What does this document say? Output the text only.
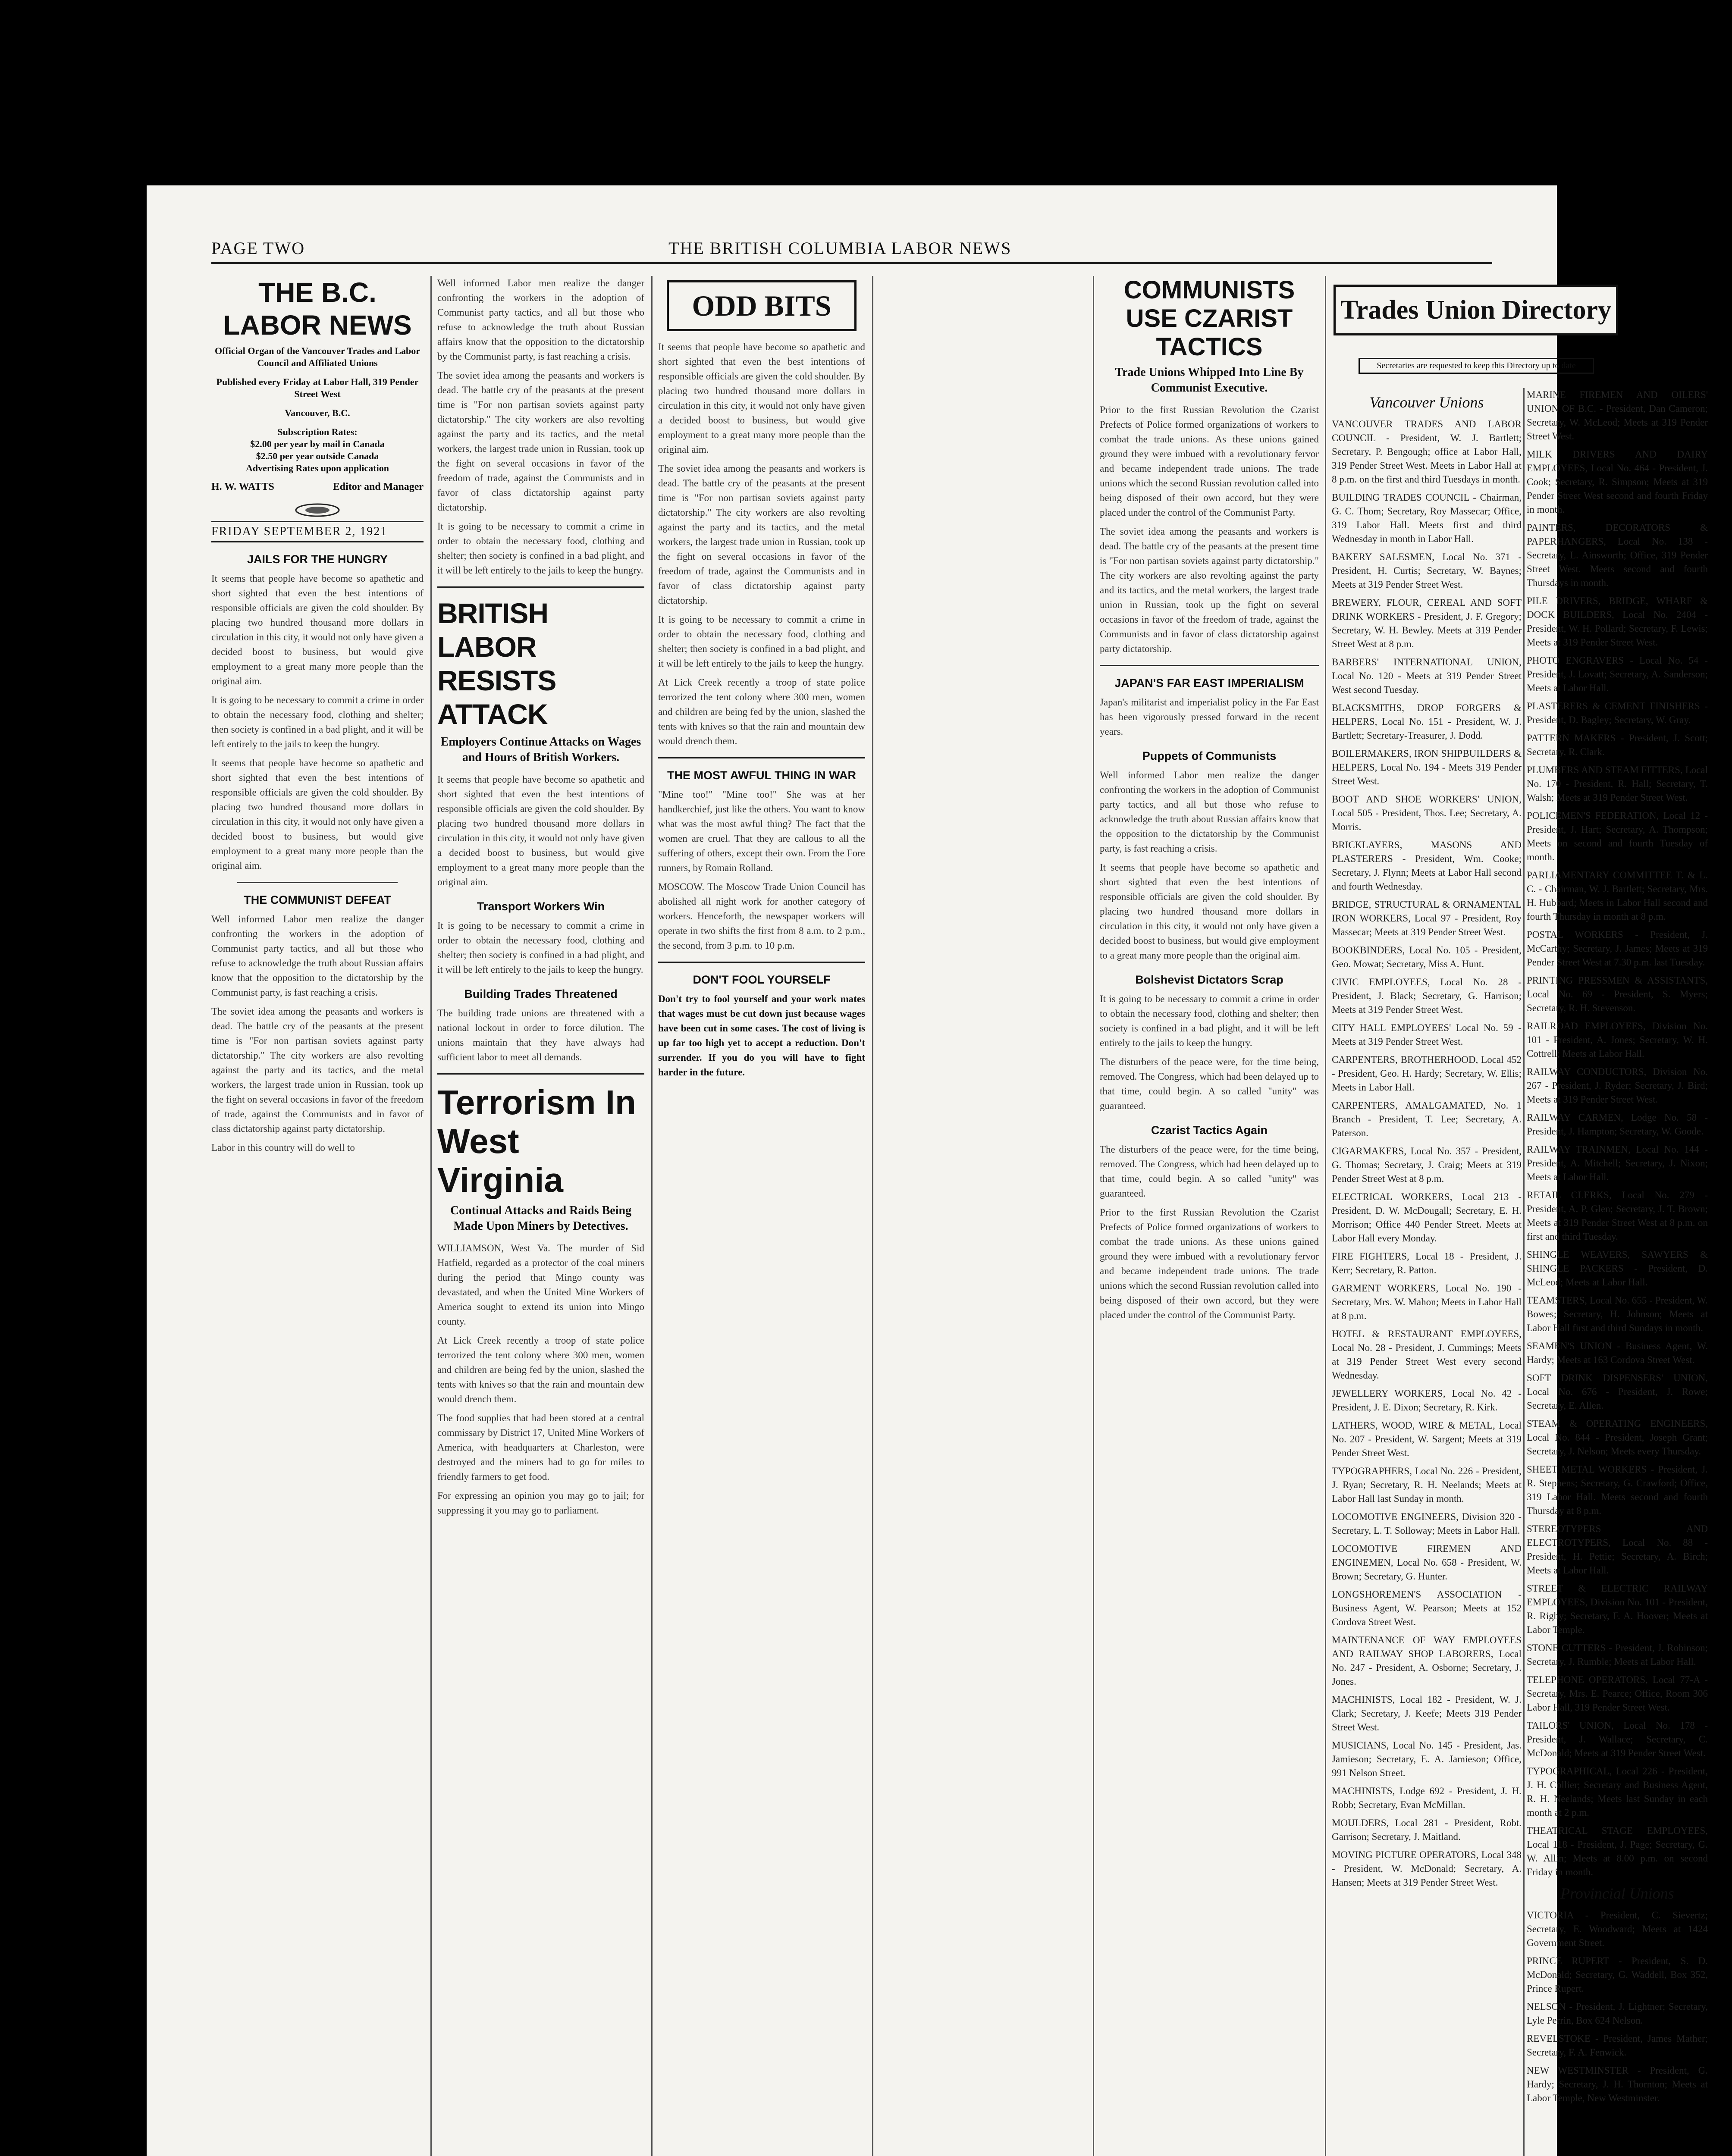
PAGE TWO	THE BRITISH COLUMBIA LABOR NEWS
THE B.C. LABOR NEWS

Official Organ of the Vancouver Trades and Labor Council and Affiliated Unions

Published every Friday at Labor Hall, 319 Pender Street West

Vancouver, B.C.

Subscription Rates:

$2.00 per year by mail in Canada

$2.50 per year outside Canada

Advertising Rates upon application

H. W. WATTS	Editor and Manager
FRIDAY SEPTEMBER 2, 1921
JAILS FOR THE HUNGRY

It seems that people have become so apathetic and short sighted that even the best intentions of responsible officials are given the cold shoulder. By placing two hundred thousand more dollars in circulation in this city, it would not only have given a decided boost to business, but would give employment to a great many more people than the original aim.

It is going to be necessary to commit a crime in order to obtain the necessary food, clothing and shelter; then society is confined in a bad plight, and it will be left entirely to the jails to keep the hungry.

It seems that people have become so apathetic and short sighted that even the best intentions of responsible officials are given the cold shoulder. By placing two hundred thousand more dollars in circulation in this city, it would not only have given a decided boost to business, but would give employment to a great many more people than the original aim.

THE COMMUNIST DEFEAT

Well informed Labor men realize the danger confronting the workers in the adoption of Communist party tactics, and all but those who refuse to acknowledge the truth about Russian affairs know that the opposition to the dictatorship by the Communist party, is fast reaching a crisis.

The soviet idea among the peasants and workers is dead. The battle cry of the peasants at the present time is "For non partisan soviets against party dictatorship." The city workers are also revolting against the party and its tactics, and the metal workers, the largest trade union in Russian, took up the fight on several occasions in favor of the freedom of trade, against the Communists and in favor of class dictatorship against party dictatorship.

Labor in this country will do well to

Well informed Labor men realize the danger confronting the workers in the adoption of Communist party tactics, and all but those who refuse to acknowledge the truth about Russian affairs know that the opposition to the dictatorship by the Communist party, is fast reaching a crisis.

The soviet idea among the peasants and workers is dead. The battle cry of the peasants at the present time is "For non partisan soviets against party dictatorship." The city workers are also revolting against the party and its tactics, and the metal workers, the largest trade union in Russian, took up the fight on several occasions in favor of the freedom of trade, against the Communists and in favor of class dictatorship against party dictatorship.

It is going to be necessary to commit a crime in order to obtain the necessary food, clothing and shelter; then society is confined in a bad plight, and it will be left entirely to the jails to keep the hungry.

BRITISH LABOR RESISTS ATTACK

Employers Continue Attacks on Wages and Hours of British Workers.

It seems that people have become so apathetic and short sighted that even the best intentions of responsible officials are given the cold shoulder. By placing two hundred thousand more dollars in circulation in this city, it would not only have given a decided boost to business, but would give employment to a great many more people than the original aim.

Transport Workers Win

It is going to be necessary to commit a crime in order to obtain the necessary food, clothing and shelter; then society is confined in a bad plight, and it will be left entirely to the jails to keep the hungry.

Building Trades Threatened

The building trade unions are threatened with a national lockout in order to force dilution. The unions maintain that they have always had sufficient labor to meet all demands.

Terrorism In West Virginia

Continual Attacks and Raids Being Made Upon Miners by Detectives.

WILLIAMSON, West Va. The murder of Sid Hatfield, regarded as a protector of the coal miners during the period that Mingo county was devastated, and when the United Mine Workers of America sought to extend its union into Mingo county.

At Lick Creek recently a troop of state police terrorized the tent colony where 300 men, women and children are being fed by the union, slashed the tents with knives so that the rain and mountain dew would drench them.

The food supplies that had been stored at a central commissary by District 17, United Mine Workers of America, with headquarters at Charleston, were destroyed and the miners had to go for miles to friendly farmers to get food.

For expressing an opinion you may go to jail; for suppressing it you may go to parliament.

ODD BITS

It seems that people have become so apathetic and short sighted that even the best intentions of responsible officials are given the cold shoulder. By placing two hundred thousand more dollars in circulation in this city, it would not only have given a decided boost to business, but would give employment to a great many more people than the original aim.

The soviet idea among the peasants and workers is dead. The battle cry of the peasants at the present time is "For non partisan soviets against party dictatorship." The city workers are also revolting against the party and its tactics, and the metal workers, the largest trade union in Russian, took up the fight on several occasions in favor of the freedom of trade, against the Communists and in favor of class dictatorship against party dictatorship.

It is going to be necessary to commit a crime in order to obtain the necessary food, clothing and shelter; then society is confined in a bad plight, and it will be left entirely to the jails to keep the hungry.

At Lick Creek recently a troop of state police terrorized the tent colony where 300 men, women and children are being fed by the union, slashed the tents with knives so that the rain and mountain dew would drench them.

THE MOST AWFUL THING IN WAR

"Mine too!" "Mine too!" She was at her handkerchief, just like the others. You want to know what was the most awful thing? The fact that the women are cruel. That they are callous to all the suffering of others, except their own. From the Fore runners, by Romain Rolland.

MOSCOW. The Moscow Trade Union Council has abolished all night work for another category of workers. Henceforth, the newspaper workers will operate in two shifts the first from 8 a.m. to 2 p.m., the second, from 3 p.m. to 10 p.m.

DON'T FOOL YOURSELF

Don't try to fool yourself and your work mates that wages must be cut down just because wages have been cut in some cases. The cost of living is up far too high yet to accept a reduction. Don't surrender. If you do you will have to fight harder in the future.

COMMUNISTS USE CZARIST TACTICS

Trade Unions Whipped Into Line By Communist Executive.

Prior to the first Russian Revolution the Czarist Prefects of Police formed organizations of workers to combat the trade unions. As these unions gained ground they were imbued with a revolutionary fervor and became independent trade unions. The trade unions which the second Russian revolution called into being disposed of their own accord, but they were placed under the control of the Communist Party.

The soviet idea among the peasants and workers is dead. The battle cry of the peasants at the present time is "For non partisan soviets against party dictatorship." The city workers are also revolting against the party and its tactics, and the metal workers, the largest trade union in Russian, took up the fight on several occasions in favor of the freedom of trade, against the Communists and in favor of class dictatorship against party dictatorship.

JAPAN'S FAR EAST IMPERIALISM

Japan's militarist and imperialist policy in the Far East has been vigorously pressed forward in the recent years.

Puppets of Communists

Well informed Labor men realize the danger confronting the workers in the adoption of Communist party tactics, and all but those who refuse to acknowledge the truth about Russian affairs know that the opposition to the dictatorship by the Communist party, is fast reaching a crisis.

It seems that people have become so apathetic and short sighted that even the best intentions of responsible officials are given the cold shoulder. By placing two hundred thousand more dollars in circulation in this city, it would not only have given a decided boost to business, but would give employment to a great many more people than the original aim.

Bolshevist Dictators Scrap

It is going to be necessary to commit a crime in order to obtain the necessary food, clothing and shelter; then society is confined in a bad plight, and it will be left entirely to the jails to keep the hungry.

The disturbers of the peace were, for the time being, removed. The Congress, which had been delayed up to that time, could begin. A so called "unity" was guaranteed.

Czarist Tactics Again

The disturbers of the peace were, for the time being, removed. The Congress, which had been delayed up to that time, could begin. A so called "unity" was guaranteed.

Prior to the first Russian Revolution the Czarist Prefects of Police formed organizations of workers to combat the trade unions. As these unions gained ground they were imbued with a revolutionary fervor and became independent trade unions. The trade unions which the second Russian revolution called into being disposed of their own accord, but they were placed under the control of the Communist Party.

Trades Union Directory
Secretaries are requested to keep this Directory up to date
Vancouver Unions

VANCOUVER TRADES AND LABOR COUNCIL - President, W. J. Bartlett; Secretary, P. Bengough; office at Labor Hall, 319 Pender Street West. Meets in Labor Hall at 8 p.m. on the first and third Tuesdays in month.

BUILDING TRADES COUNCIL - Chairman, G. C. Thom; Secretary, Roy Massecar; Office, 319 Labor Hall. Meets first and third Wednesday in month in Labor Hall.

BAKERY SALESMEN, Local No. 371 - President, H. Curtis; Secretary, W. Baynes; Meets at 319 Pender Street West.

BREWERY, FLOUR, CEREAL AND SOFT DRINK WORKERS - President, J. F. Gregory; Secretary, W. H. Bewley. Meets at 319 Pender Street West at 8 p.m.

BARBERS' INTERNATIONAL UNION, Local No. 120 - Meets at 319 Pender Street West second Tuesday.

BLACKSMITHS, DROP FORGERS & HELPERS, Local No. 151 - President, W. J. Bartlett; Secretary-Treasurer, J. Dodd.

BOILERMAKERS, IRON SHIPBUILDERS & HELPERS, Local No. 194 - Meets 319 Pender Street West.

BOOT AND SHOE WORKERS' UNION, Local 505 - President, Thos. Lee; Secretary, A. Morris.

BRICKLAYERS, MASONS AND PLASTERERS - President, Wm. Cooke; Secretary, J. Flynn; Meets at Labor Hall second and fourth Wednesday.

BRIDGE, STRUCTURAL & ORNAMENTAL IRON WORKERS, Local 97 - President, Roy Massecar; Meets at 319 Pender Street West.

BOOKBINDERS, Local No. 105 - President, Geo. Mowat; Secretary, Miss A. Hunt.

CIVIC EMPLOYEES, Local No. 28 - President, J. Black; Secretary, G. Harrison; Meets at 319 Pender Street West.

CITY HALL EMPLOYEES' Local No. 59 - Meets at 319 Pender Street West.

CARPENTERS, BROTHERHOOD, Local 452 - President, Geo. H. Hardy; Secretary, W. Ellis; Meets in Labor Hall.

CARPENTERS, AMALGAMATED, No. 1 Branch - President, T. Lee; Secretary, A. Paterson.

CIGARMAKERS, Local No. 357 - President, G. Thomas; Secretary, J. Craig; Meets at 319 Pender Street West at 8 p.m.

ELECTRICAL WORKERS, Local 213 - President, D. W. McDougall; Secretary, E. H. Morrison; Office 440 Pender Street. Meets at Labor Hall every Monday.

FIRE FIGHTERS, Local 18 - President, J. Kerr; Secretary, R. Patton.

GARMENT WORKERS, Local No. 190 - Secretary, Mrs. W. Mahon; Meets in Labor Hall at 8 p.m.

HOTEL & RESTAURANT EMPLOYEES, Local No. 28 - President, J. Cummings; Meets at 319 Pender Street West every second Wednesday.

JEWELLERY WORKERS, Local No. 42 - President, J. E. Dixon; Secretary, R. Kirk.

LATHERS, WOOD, WIRE & METAL, Local No. 207 - President, W. Sargent; Meets at 319 Pender Street West.

TYPOGRAPHERS, Local No. 226 - President, J. Ryan; Secretary, R. H. Neelands; Meets at Labor Hall last Sunday in month.

LOCOMOTIVE ENGINEERS, Division 320 - Secretary, L. T. Solloway; Meets in Labor Hall.

LOCOMOTIVE FIREMEN AND ENGINEMEN, Local No. 658 - President, W. Brown; Secretary, G. Hunter.

LONGSHOREMEN'S ASSOCIATION - Business Agent, W. Pearson; Meets at 152 Cordova Street West.

MAINTENANCE OF WAY EMPLOYEES AND RAILWAY SHOP LABORERS, Local No. 247 - President, A. Osborne; Secretary, J. Jones.

MACHINISTS, Local 182 - President, W. J. Clark; Secretary, J. Keefe; Meets 319 Pender Street West.

MUSICIANS, Local No. 145 - President, Jas. Jamieson; Secretary, E. A. Jamieson; Office, 991 Nelson Street.

MACHINISTS, Lodge 692 - President, J. H. Robb; Secretary, Evan McMillan.

MOULDERS, Local 281 - President, Robt. Garrison; Secretary, J. Maitland.

MOVING PICTURE OPERATORS, Local 348 - President, W. McDonald; Secretary, A. Hansen; Meets at 319 Pender Street West.

MARINE FIREMEN AND OILERS' UNION OF B.C. - President, Dan Cameron; Secretary, W. McLeod; Meets at 319 Pender Street West.

MILK DRIVERS AND DAIRY EMPLOYEES, Local No. 464 - President, J. Cook; Secretary, R. Simpson; Meets at 319 Pender Street West second and fourth Friday in month.

PAINTERS, DECORATORS & PAPERHANGERS, Local No. 138 - Secretary, L. Ainsworth; Office, 319 Pender Street West. Meets second and fourth Thursdays in month.

PILE DRIVERS, BRIDGE, WHARF & DOCK BUILDERS, Local No. 2404 - President, W. H. Pollard; Secretary, F. Lewis; Meets at 319 Pender Street West.

PHOTO ENGRAVERS - Local No. 54 - President, J. Lovatt; Secretary, A. Sanderson; Meets at Labor Hall.

PLASTERERS & CEMENT FINISHERS - President, D. Bagley; Secretary, W. Gray.

PATTERN MAKERS - President, J. Scott; Secretary, R. Clark.

PLUMBERS AND STEAM FITTERS, Local No. 170 - President, R. Hall; Secretary, T. Walsh; Meets at 319 Pender Street West.

POLICEMEN'S FEDERATION, Local 12 - President, J. Hart; Secretary, A. Thompson; Meets on second and fourth Tuesday of month.

PARLIAMENTARY COMMITTEE T. & L. C. - Chairman, W. J. Bartlett; Secretary, Mrs. H. Hubbard; Meets in Labor Hall second and fourth Thursday in month at 8 p.m.

POSTAL WORKERS - President, J. McCarthy; Secretary, J. James; Meets at 319 Pender Street West at 7.30 p.m. last Tuesday.

PRINTING PRESSMEN & ASSISTANTS, Local No. 69 - President, S. Myers; Secretary, R. H. Stevenson.

RAILROAD EMPLOYEES, Division No. 101 - President, A. Jones; Secretary, W. H. Cottrell; Meets at Labor Hall.

RAILWAY CONDUCTORS, Division No. 267 - President, J. Ryder; Secretary, J. Bird; Meets at 319 Pender Street West.

RAILWAY CARMEN, Lodge No. 58 - President, J. Hampton; Secretary, W. Goode.

RAILWAY TRAINMEN, Local No. 144 - President, A. Mitchell; Secretary, J. Nixon; Meets at Labor Hall.

RETAIL CLERKS, Local No. 279 - President, A. P. Glen; Secretary, J. T. Brown; Meets at 319 Pender Street West at 8 p.m. on first and third Tuesday.

SHINGLE WEAVERS, SAWYERS & SHINGLE PACKERS - President, D. McLeod; Meets at Labor Hall.

TEAMSTERS, Local No. 655 - President, W. Bowes; Secretary, H. Johnson; Meets at Labor Hall first and third Sundays in month.

SEAMEN'S UNION - Business Agent, W. Hardy; Meets at 163 Cordova Street West.

SOFT DRINK DISPENSERS' UNION, Local No. 676 - President, J. Rowe; Secretary, E. Allen.

STEAM & OPERATING ENGINEERS, Local No. 844 - President, Joseph Grant; Secretary, J. Nelson; Meets every Thursday.

SHEET METAL WORKERS - President, J. R. Stephens; Secretary, G. Crawford; Office, 319 Labor Hall. Meets second and fourth Thursday at 8 p.m.

STEREOTYPERS AND ELECTROTYPERS, Local No. 88 - President, H. Pettie; Secretary, A. Birch; Meets at Labor Hall.

STREET & ELECTRIC RAILWAY EMPLOYEES, Division No. 101 - President, R. Rigby; Secretary, F. A. Hoover; Meets at Labor Temple.

STONE CUTTERS - President, J. Robinson; Secretary, J. Rumble; Meets at Labor Hall.

TELEPHONE OPERATORS, Local 77-A - Secretary, Mrs. E. Pearce; Office, Room 306 Labor Hall, 319 Pender Street West.

TAILORS' UNION, Local No. 178 - President, J. Wallace; Secretary, C. McDonald; Meets at 319 Pender Street West.

TYPOGRAPHICAL, Local 226 - President, J. H. Collier; Secretary and Business Agent, R. H. Neelands; Meets last Sunday in each month at 2 p.m.

THEATRICAL STAGE EMPLOYEES, Local 118 - President, J. Page; Secretary, G. W. Allin; Meets at 8.00 p.m. on second Friday in month.

Provincial Unions

VICTORIA - President, C. Sievertz; Secretary, E. Woodward; Meets at 1424 Government Street.

PRINCE RUPERT - President, S. D. McDonald; Secretary, G. Waddell, Box 352, Prince Rupert.

NELSON - President, J. Lightner; Secretary, Lyle Perrin, Box 624 Nelson.

REVELSTOKE - President, James Mather; Secretary, F. A. Fenwick.

NEW WESTMINSTER - President, G. Hardy; Secretary, J. H. Thornton; Meets at Labor Temple, New Westminster.
